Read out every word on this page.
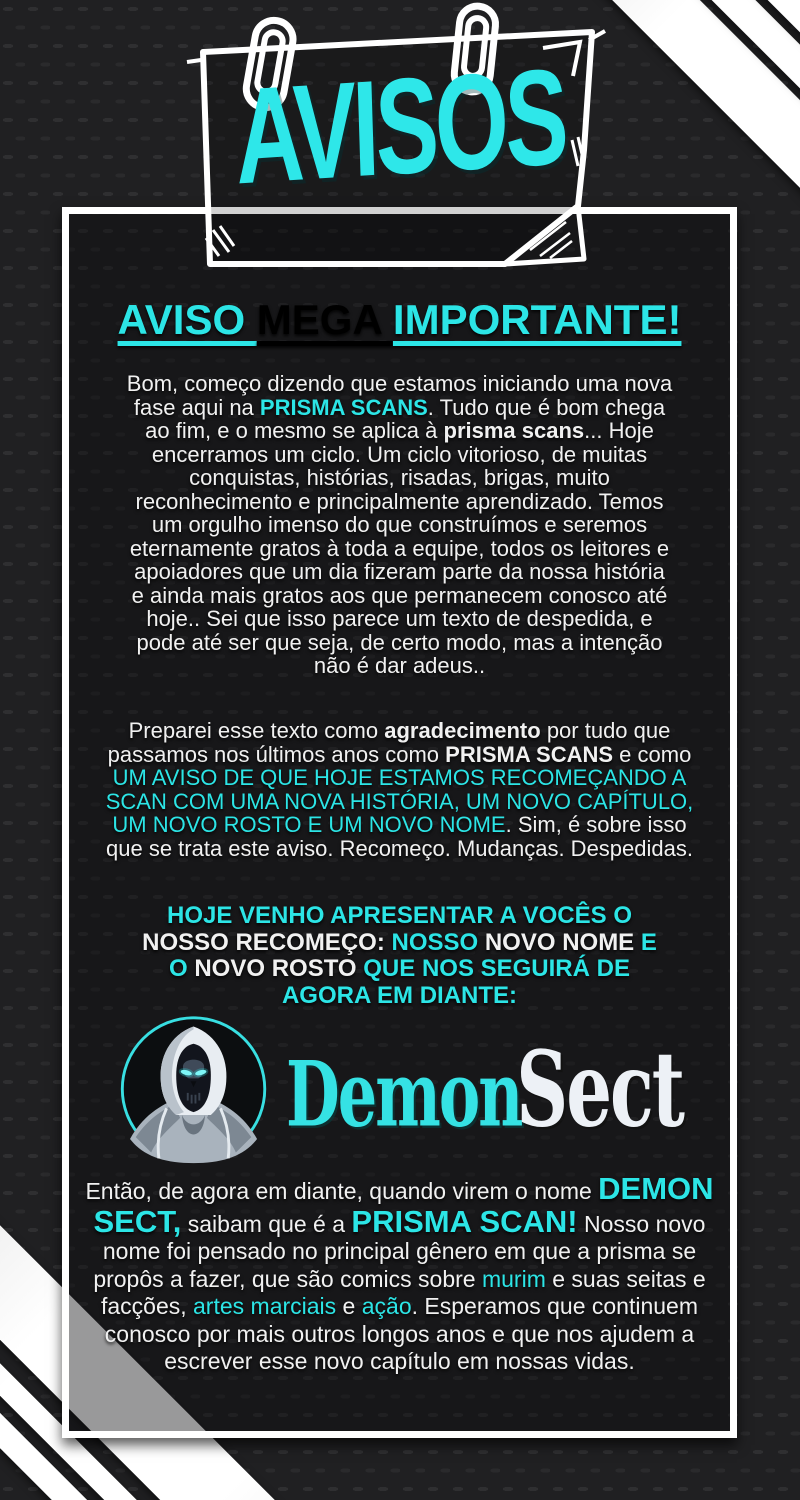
AVISO MEGA IMPORTANTE!

Bom, começo dizendo que estamos iniciando uma nova fase aqui na PRISMA SCANS. Tudo que é bom chega ao fim, e o mesmo se aplica à prisma scans... Hoje encerramos um ciclo. Um ciclo vitorioso, de muitas conquistas, histórias, risadas, brigas, muito reconhecimento e principalmente aprendizado. Temos um orgulho imenso do que construímos e seremos eternamente gratos à toda a equipe, todos os leitores e apoiadores que um dia fizeram parte da nossa história e ainda mais gratos aos que permanecem conosco até hoje.. Sei que isso parece um texto de despedida, e pode até ser que seja, de certo modo, mas a intenção não é dar adeus..

Preparei esse texto como agradecimento por tudo que passamos nos últimos anos como PRISMA SCANS e como UM AVISO DE QUE HOJE ESTAMOS RECOMEÇANDO A SCAN COM UMA NOVA HISTÓRIA, UM NOVO CAPÍTULO, UM NOVO ROSTO E UM NOVO NOME. Sim, é sobre isso que se trata este aviso. Recomeço. Mudanças. Despedidas.

HOJE VENHO APRESENTAR A VOCÊS O NOSSO RECOMEÇO: NOSSO NOVO NOME E O NOVO ROSTO QUE NOS SEGUIRÁ DE AGORA EM DIANTE:

DemonSect

Então, de agora em diante, quando virem o nome DEMON SECT, saibam que é a PRISMA SCAN! Nosso novo nome foi pensado no principal gênero em que a prisma se propôs a fazer, que são comics sobre murim e suas seitas e facções, artes marciais e ação. Esperamos que continuem conosco por mais outros longos anos e que nos ajudem a escrever esse novo capítulo em nossas vidas.

AVISOS
